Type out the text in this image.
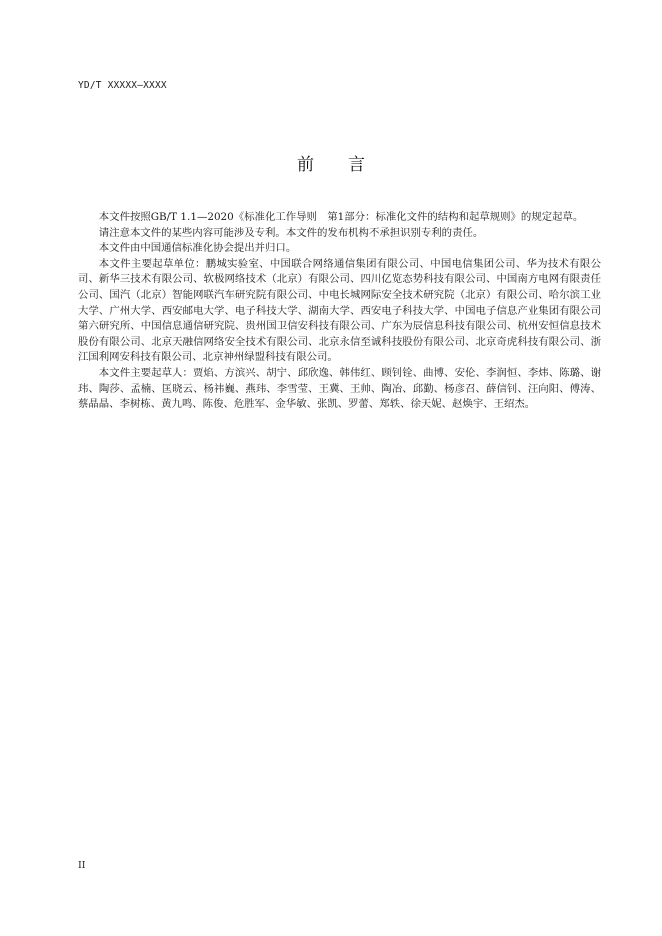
YD/T XXXXX—XXXX
前 言

本文件按照GB/T 1.1—2020《标准化工作导则　第1部分：标准化文件的结构和起草规则》的规定起草。

请注意本文件的某些内容可能涉及专利。本文件的发布机构不承担识别专利的责任。

本文件由中国通信标准化协会提出并归口。

本文件主要起草单位：鹏城实验室、中国联合网络通信集团有限公司、中国电信集团公司、华为技术有限公司、新华三技术有限公司、软极网络技术（北京）有限公司、四川亿览态势科技有限公司、中国南方电网有限责任公司、国汽（北京）智能网联汽车研究院有限公司、中电长城网际安全技术研究院（北京）有限公司、哈尔滨工业大学、广州大学、西安邮电大学、电子科技大学、湖南大学、西安电子科技大学、中国电子信息产业集团有限公司第六研究所、中国信息通信研究院、贵州国卫信安科技有限公司、广东为辰信息科技有限公司、杭州安恒信息技术股份有限公司、北京天融信网络安全技术有限公司、北京永信至诚科技股份有限公司、北京奇虎科技有限公司、浙江国利网安科技有限公司、北京神州绿盟科技有限公司。

本文件主要起草人：贾焰、方滨兴、胡宁、邱欣逸、韩伟红、顾钊铨、曲博、安伦、李润恒、李炜、陈璐、谢玮、陶莎、孟楠、匡晓云、杨祎巍、燕玮、李雪莹、王冀、王帅、陶冶、邱勤、杨彦召、薛信钊、汪向阳、傅涛、蔡晶晶、李树栋、黄九鸣、陈俊、危胜军、金华敏、张凯、罗蕾、郑轶、徐天妮、赵焕宇、王绍杰。

II
